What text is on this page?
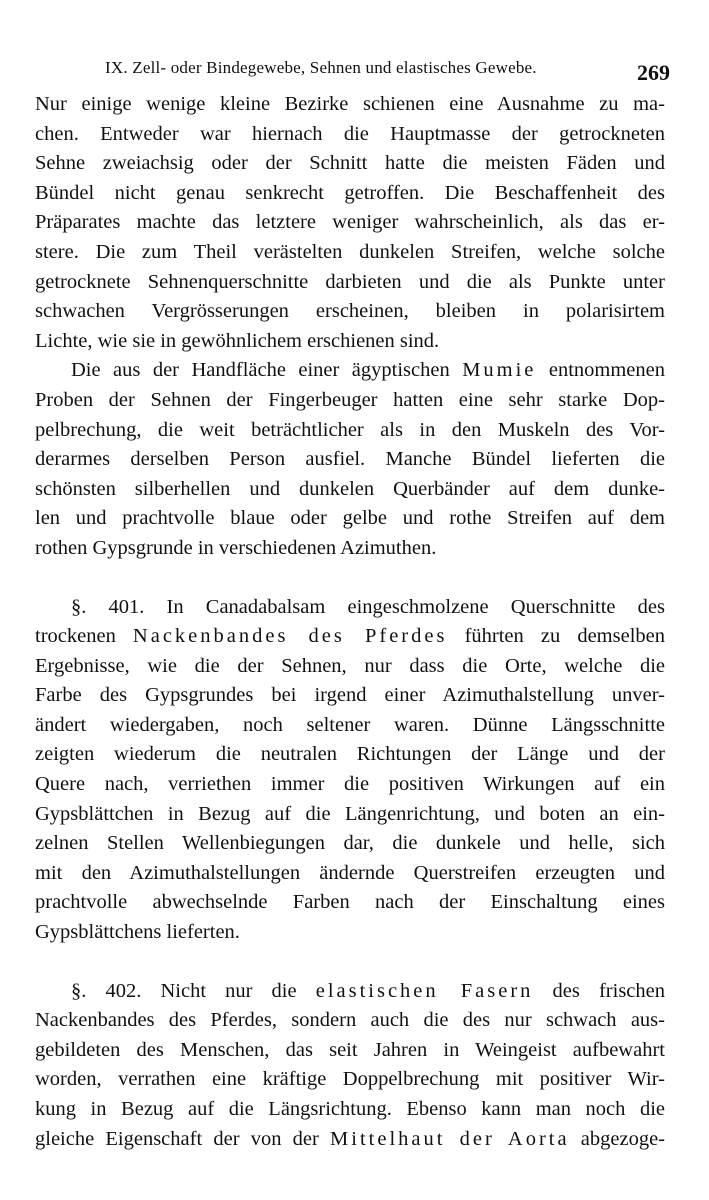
IX. Zell- oder Bindegewebe, Sehnen und elastisches Gewebe.	269
Nur einige wenige kleine Bezirke schienen eine Ausnahme zu ma-
chen. Entweder war hiernach die Hauptmasse der getrockneten
Sehne zweiachsig oder der Schnitt hatte die meisten Fäden und
Bündel nicht genau senkrecht getroffen. Die Beschaffenheit des
Präparates machte das letztere weniger wahrscheinlich, als das er-
stere. Die zum Theil verästelten dunkelen Streifen, welche solche
getrocknete Sehnenquerschnitte darbieten und die als Punkte unter
schwachen Vergrösserungen erscheinen, bleiben in polarisirtem
Lichte, wie sie in gewöhnlichem erschienen sind.
Die aus der Handfläche einer ägyptischen Mumie entnommenen
Proben der Sehnen der Fingerbeuger hatten eine sehr starke Dop-
pelbrechung, die weit beträchtlicher als in den Muskeln des Vor-
derarmes derselben Person ausfiel. Manche Bündel lieferten die
schönsten silberhellen und dunkelen Querbänder auf dem dunke-
len und prachtvolle blaue oder gelbe und rothe Streifen auf dem
rothen Gypsgrunde in verschiedenen Azimuthen.
§. 401. In Canadabalsam eingeschmolzene Querschnitte des
trockenen Nackenbandes des Pferdes führten zu demselben
Ergebnisse, wie die der Sehnen, nur dass die Orte, welche die
Farbe des Gypsgrundes bei irgend einer Azimuthalstellung unver-
ändert wiedergaben, noch seltener waren. Dünne Längsschnitte
zeigten wiederum die neutralen Richtungen der Länge und der
Quere nach, verriethen immer die positiven Wirkungen auf ein
Gypsblättchen in Bezug auf die Längenrichtung, und boten an ein-
zelnen Stellen Wellenbiegungen dar, die dunkele und helle, sich
mit den Azimuthalstellungen ändernde Querstreifen erzeugten und
prachtvolle abwechselnde Farben nach der Einschaltung eines
Gypsblättchens lieferten.
§. 402. Nicht nur die elastischen Fasern des frischen
Nackenbandes des Pferdes, sondern auch die des nur schwach aus-
gebildeten des Menschen, das seit Jahren in Weingeist aufbewahrt
worden, verrathen eine kräftige Doppelbrechung mit positiver Wir-
kung in Bezug auf die Längsrichtung. Ebenso kann man noch die
gleiche Eigenschaft der von der Mittelhaut der Aorta abgezoge-
